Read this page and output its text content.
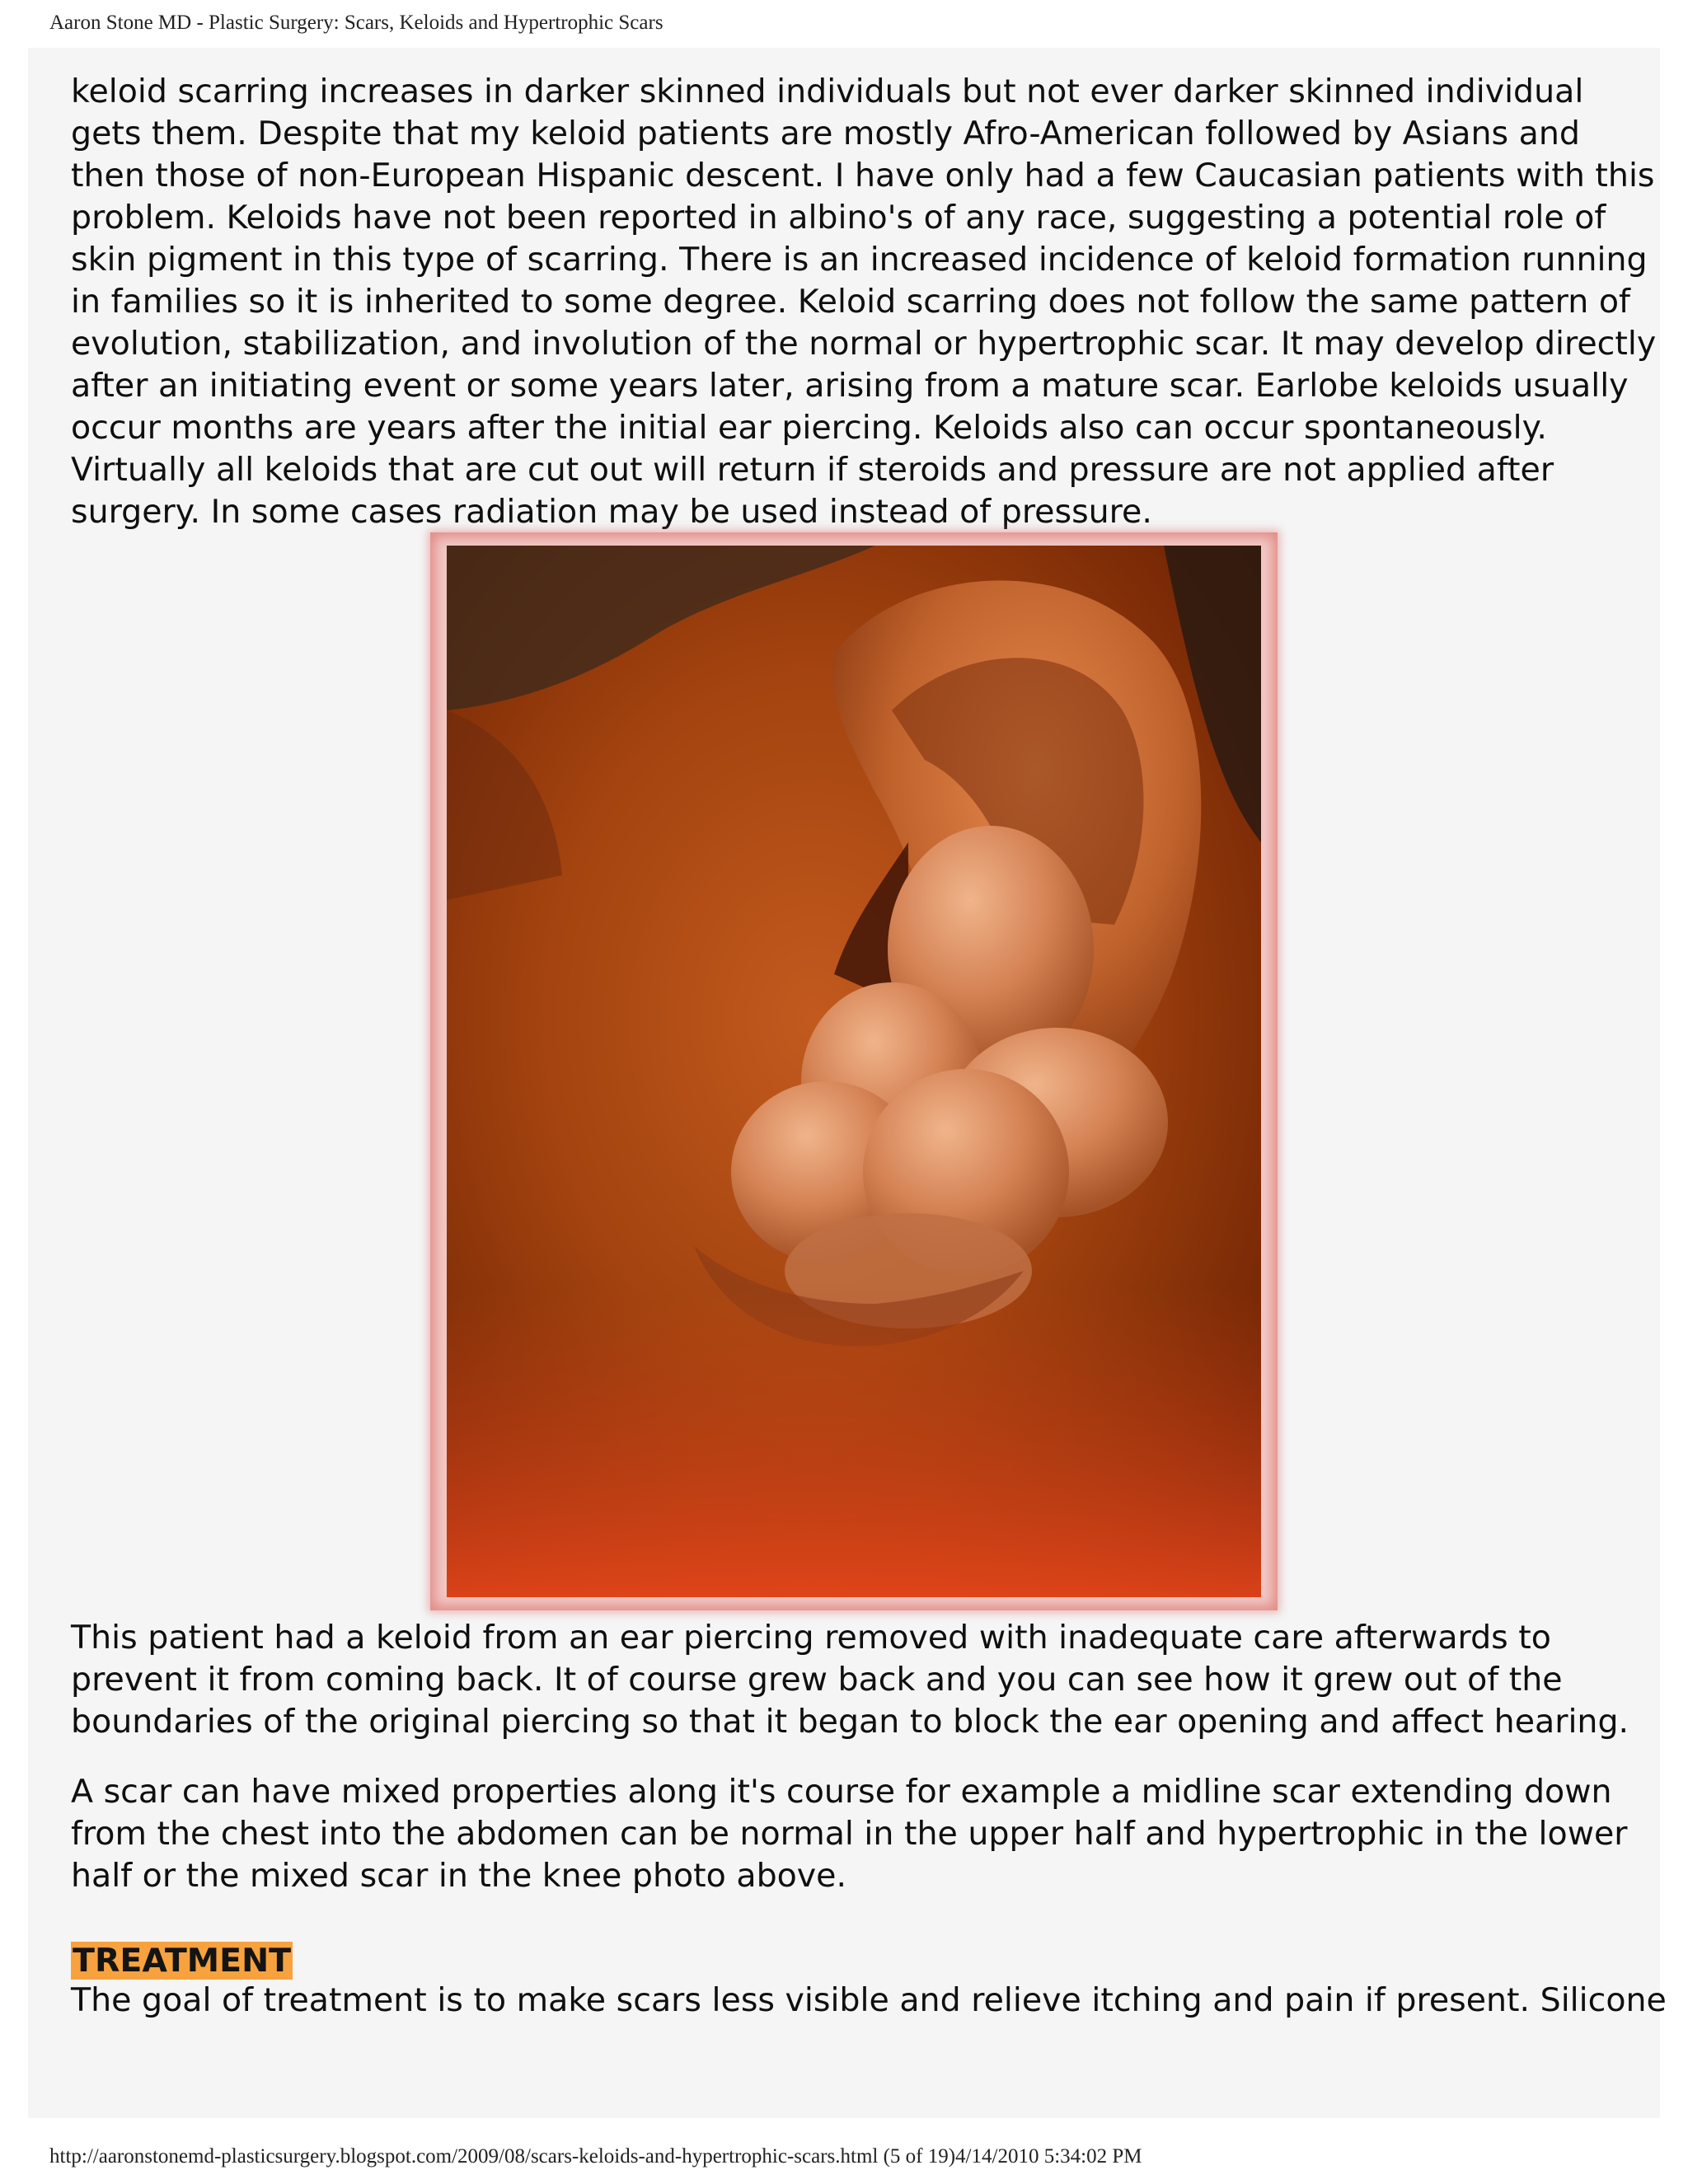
Aaron Stone MD - Plastic Surgery: Scars, Keloids and Hypertrophic Scars

keloid scarring increases in darker skinned individuals but not ever darker skinned individual gets them. Despite that my keloid patients are mostly Afro-American followed by Asians and then those of non-European Hispanic descent. I have only had a few Caucasian patients with this problem. Keloids have not been reported in albino's of any race, suggesting a potential role of skin pigment in this type of scarring. There is an increased incidence of keloid formation running in families so it is inherited to some degree. Keloid scarring does not follow the same pattern of evolution, stabilization, and involution of the normal or hypertrophic scar. It may develop directly after an initiating event or some years later, arising from a mature scar. Earlobe keloids usually occur months are years after the initial ear piercing. Keloids also can occur spontaneously. Virtually all keloids that are cut out will return if steroids and pressure are not applied after surgery. In some cases radiation may be used instead of pressure.

This patient had a keloid from an ear piercing removed with inadequate care afterwards to prevent it from coming back. It of course grew back and you can see how it grew out of the boundaries of the original piercing so that it began to block the ear opening and affect hearing.

A scar can have mixed properties along it's course for example a midline scar extending down from the chest into the abdomen can be normal in the upper half and hypertrophic in the lower half or the mixed scar in the knee photo above.

TREATMENT

The goal of treatment is to make scars less visible and relieve itching and pain if present. Silicone

http://aaronstonemd-plasticsurgery.blogspot.com/2009/08/scars-keloids-and-hypertrophic-scars.html (5 of 19)4/14/2010 5:34:02 PM
